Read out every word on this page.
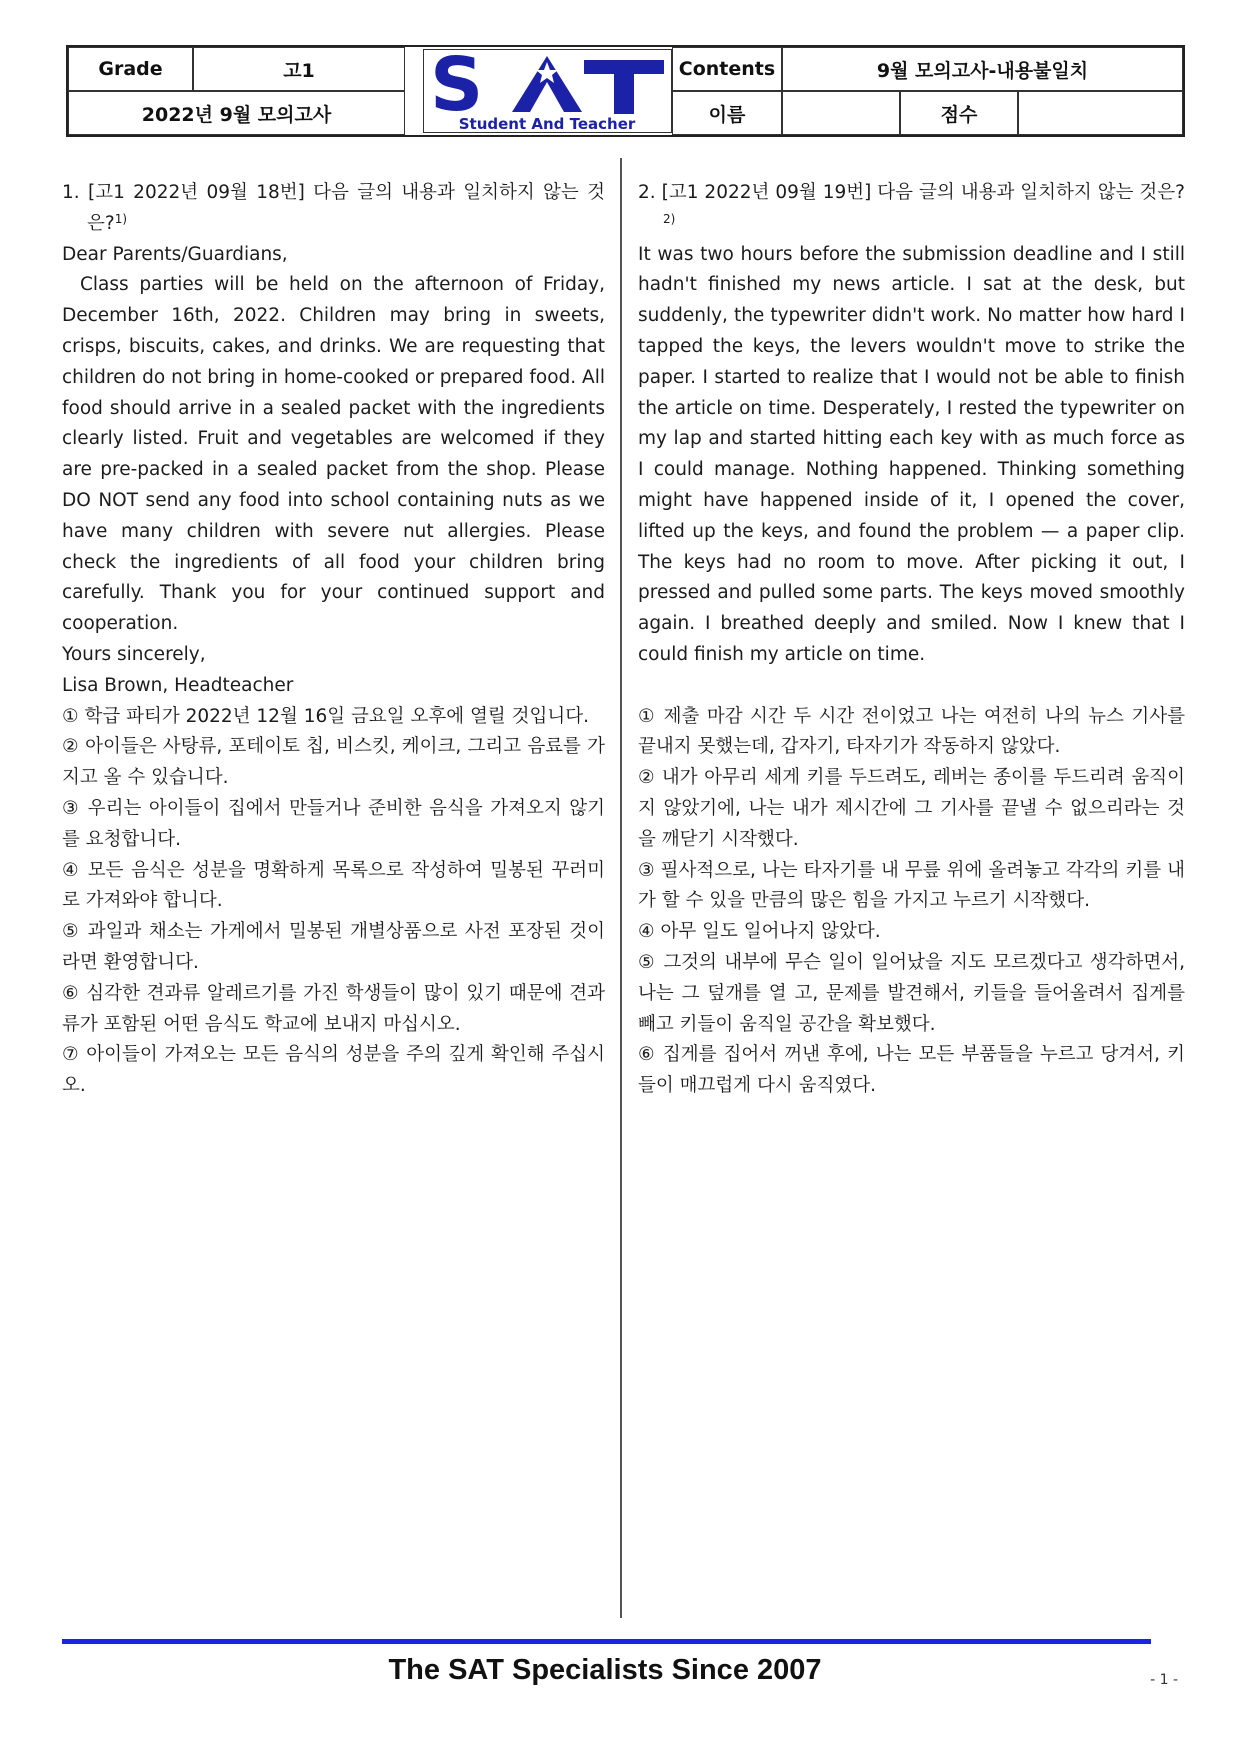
Grade	고1
2022년 9월 모의고사	S
Student And Teacher
Contents	9월 모의고사-내용불일치
이름	점수

1. [고1 2022년 09월 18번] 다음 글의 내용과 일치하지 않는 것은?$^{1)}$

Dear Parents/Guardians,

Class parties will be held on the afternoon of Friday, December 16th, 2022. Children may bring in sweets, crisps, biscuits, cakes, and drinks. We are requesting that children do not bring in home-cooked or prepared food. All food should arrive in a sealed packet with the ingredients clearly listed. Fruit and vegetables are welcomed if they are pre-packed in a sealed packet from the shop. Please DO NOT send any food into school containing nuts as we have many children with severe nut allergies. Please check the ingredients of all food your children bring carefully. Thank you for your continued support and cooperation.

Yours sincerely,

Lisa Brown, Headteacher

① 학급 파티가 2022년 12월 16일 금요일 오후에 열릴 것입니다.

② 아이들은 사탕류, 포테이토 칩, 비스킷, 케이크, 그리고 음료를 가지고 올 수 있습니다.

③ 우리는 아이들이 집에서 만들거나 준비한 음식을 가져오지 않기를 요청합니다.

④ 모든 음식은 성분을 명확하게 목록으로 작성하여 밀봉된 꾸러미로 가져와야 합니다.

⑤ 과일과 채소는 가게에서 밀봉된 개별상품으로 사전 포장된 것이라면 환영합니다.

⑥ 심각한 견과류 알레르기를 가진 학생들이 많이 있기 때문에 견과류가 포함된 어떤 음식도 학교에 보내지 마십시오.

⑦ 아이들이 가져오는 모든 음식의 성분을 주의 깊게 확인해 주십시오.

2. [고1 2022년 09월 19번] 다음 글의 내용과 일치하지 않는 것은?$^{2)}$

It was two hours before the submission deadline and I still hadn't finished my news article. I sat at the desk, but suddenly, the typewriter didn't work. No matter how hard I tapped the keys, the levers wouldn't move to strike the paper. I started to realize that I would not be able to finish the article on time. Desperately, I rested the typewriter on my lap and started hitting each key with as much force as I could manage. Nothing happened. Thinking something might have happened inside of it, I opened the cover, lifted up the keys, and found the problem — a paper clip. The keys had no room to move. After picking it out, I pressed and pulled some parts. The keys moved smoothly again. I breathed deeply and smiled. Now I knew that I could finish my article on time.

① 제출 마감 시간 두 시간 전이었고 나는 여전히 나의 뉴스 기사를 끝내지 못했는데, 갑자기, 타자기가 작동하지 않았다.

② 내가 아무리 세게 키를 두드려도, 레버는 종이를 두드리려 움직이지 않았기에, 나는 내가 제시간에 그 기사를 끝낼 수 없으리라는 것을 깨닫기 시작했다.

③ 필사적으로, 나는 타자기를 내 무릎 위에 올려놓고 각각의 키를 내가 할 수 있을 만큼의 많은 힘을 가지고 누르기 시작했다.

④ 아무 일도 일어나지 않았다.

⑤ 그것의 내부에 무슨 일이 일어났을 지도 모르겠다고 생각하면서, 나는 그 덮개를 열 고, 문제를 발견해서, 키들을 들어올려서 집게를 빼고 키들이 움직일 공간을 확보했다.

⑥ 집게를 집어서 꺼낸 후에, 나는 모든 부품들을 누르고 당겨서, 키들이 매끄럽게 다시 움직였다.

The SAT Specialists Since 2007	- 1 -
